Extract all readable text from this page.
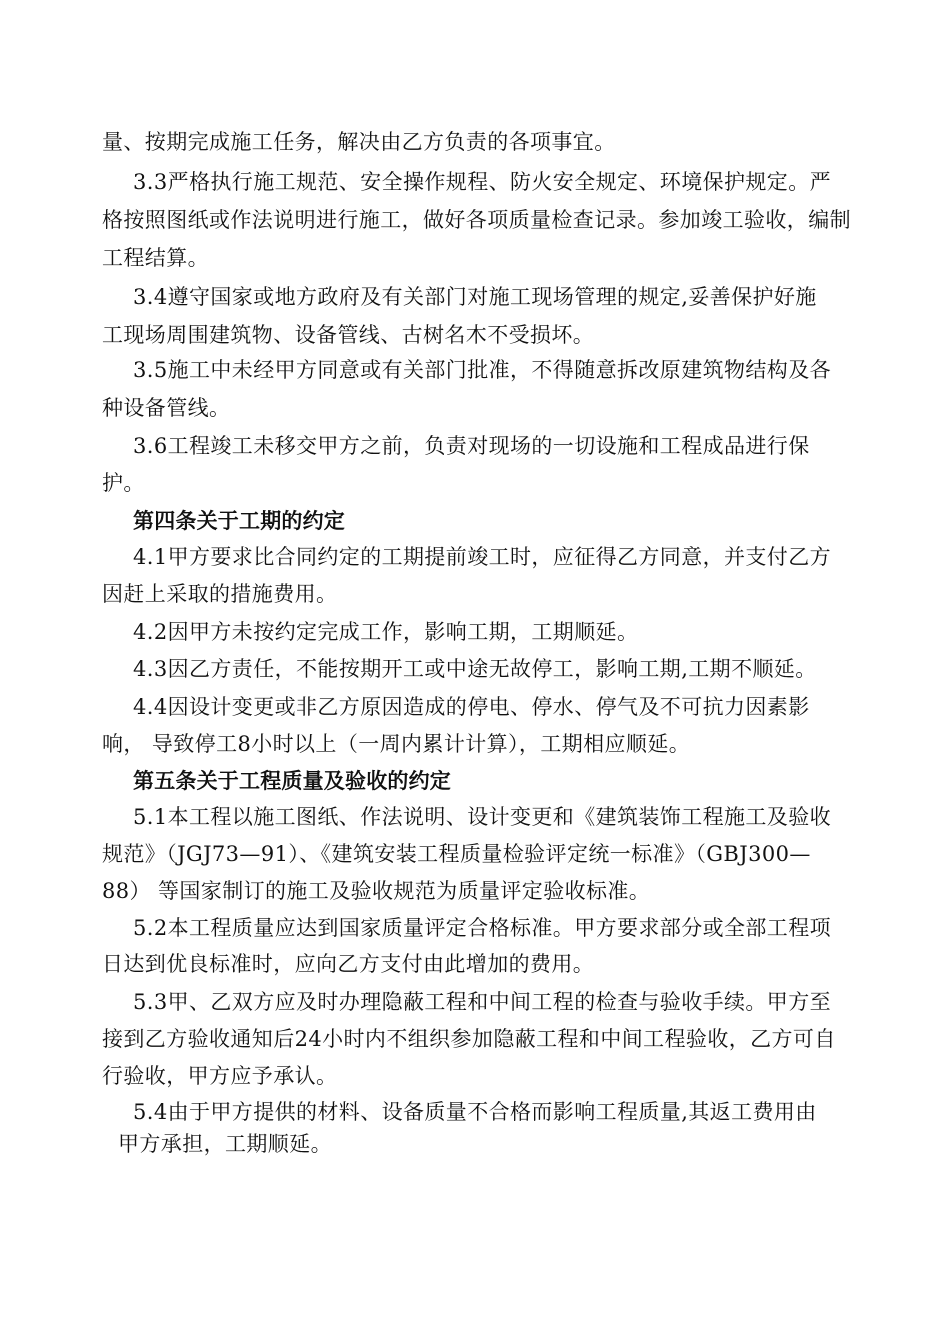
量、按期完成施工任务，解决由乙方负责的各项事宜。
3.3严格执行施工规范、安全操作规程、防火安全规定、环境保护规定。严
格按照图纸或作法说明进行施工，做好各项质量检查记录。参加竣工验收，编制
工程结算。
3.4遵守国家或地方政府及有关部门对施工现场管理的规定,妥善保护好施
工现场周围建筑物、设备管线、古树名木不受损坏。
3.5施工中未经甲方同意或有关部门批准，不得随意拆改原建筑物结构及各
种设备管线。
3.6工程竣工未移交甲方之前，负责对现场的一切设施和工程成品进行保
护。
第四条关于工期的约定
4.1甲方要求比合同约定的工期提前竣工时，应征得乙方同意，并支付乙方
因赶上采取的措施费用。
4.2因甲方未按约定完成工作，影响工期，工期顺延。
4.3因乙方责任，不能按期开工或中途无故停工，影响工期,工期不顺延。
4.4因设计变更或非乙方原因造成的停电、停水、停气及不可抗力因素影
响， 导致停工8小时以上（一周内累计计算），工期相应顺延。
第五条关于工程质量及验收的约定
5.1本工程以施工图纸、作法说明、设计变更和《建筑装饰工程施工及验收
规范》（JGJ73—91）、《建筑安装工程质量检验评定统一标准》（GBJ300—
88） 等国家制订的施工及验收规范为质量评定验收标准。
5.2本工程质量应达到国家质量评定合格标准。甲方要求部分或全部工程项
日达到优良标准时，应向乙方支付由此增加的费用。
5.3甲、乙双方应及时办理隐蔽工程和中间工程的检查与验收手续。甲方至
接到乙方验收通知后24小时内不组织参加隐蔽工程和中间工程验收，乙方可自
行验收，甲方应予承认。
5.4由于甲方提供的材料、设备质量不合格而影响工程质量,其返工费用由
甲方承担，工期顺延。
